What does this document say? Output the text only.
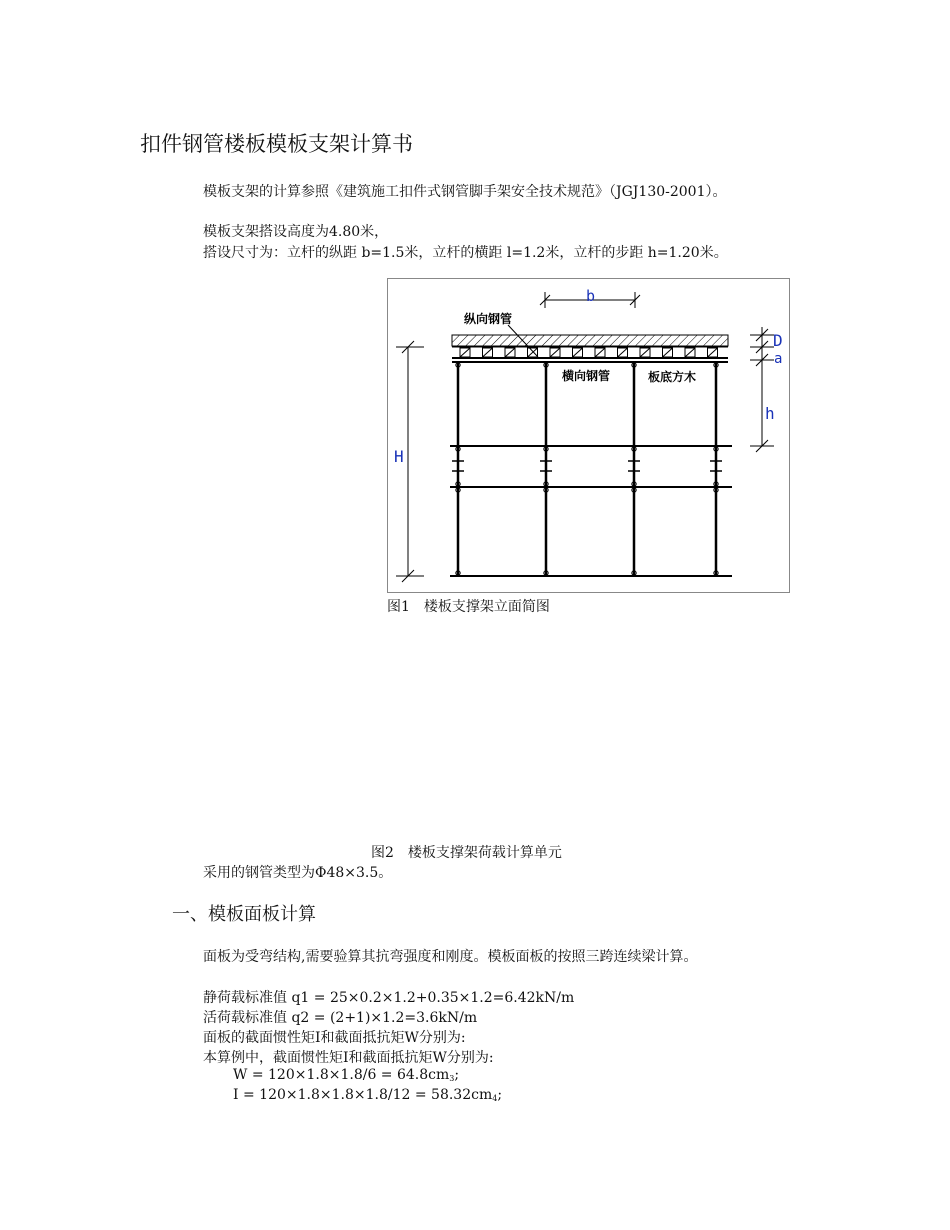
扣件钢管楼板模板支架计算书
模板支架的计算参照《建筑施工扣件式钢管脚手架安全技术规范》（JGJ130-2001）。
模板支架搭设高度为4.80米，
搭设尺寸为：立杆的纵距 b=1.5米，立杆的横距 l=1.2米，立杆的步距 h=1.20米。
b
纵向钢管
横向钢管	板底方木
H
D
a
h
图1　楼板支撑架立面简图
图2　楼板支撑架荷载计算单元
采用的钢管类型为Φ48×3.5。
一、模板面板计算
面板为受弯结构,需要验算其抗弯强度和刚度。模板面板的按照三跨连续梁计算。
静荷载标准值 q1 = 25×0.2×1.2+0.35×1.2=6.42kN/m
活荷载标准值 q2 = (2+1)×1.2=3.6kN/m
面板的截面惯性矩I和截面抵抗矩W分别为:
本算例中，截面惯性矩I和截面抵抗矩W分别为:
$W = 120\times 1.8\times 1.8/6 = 64.8cm_3$;
$I = 120\times 1.8\times 1.8\times 1.8/12 = 58.32cm_4$;
